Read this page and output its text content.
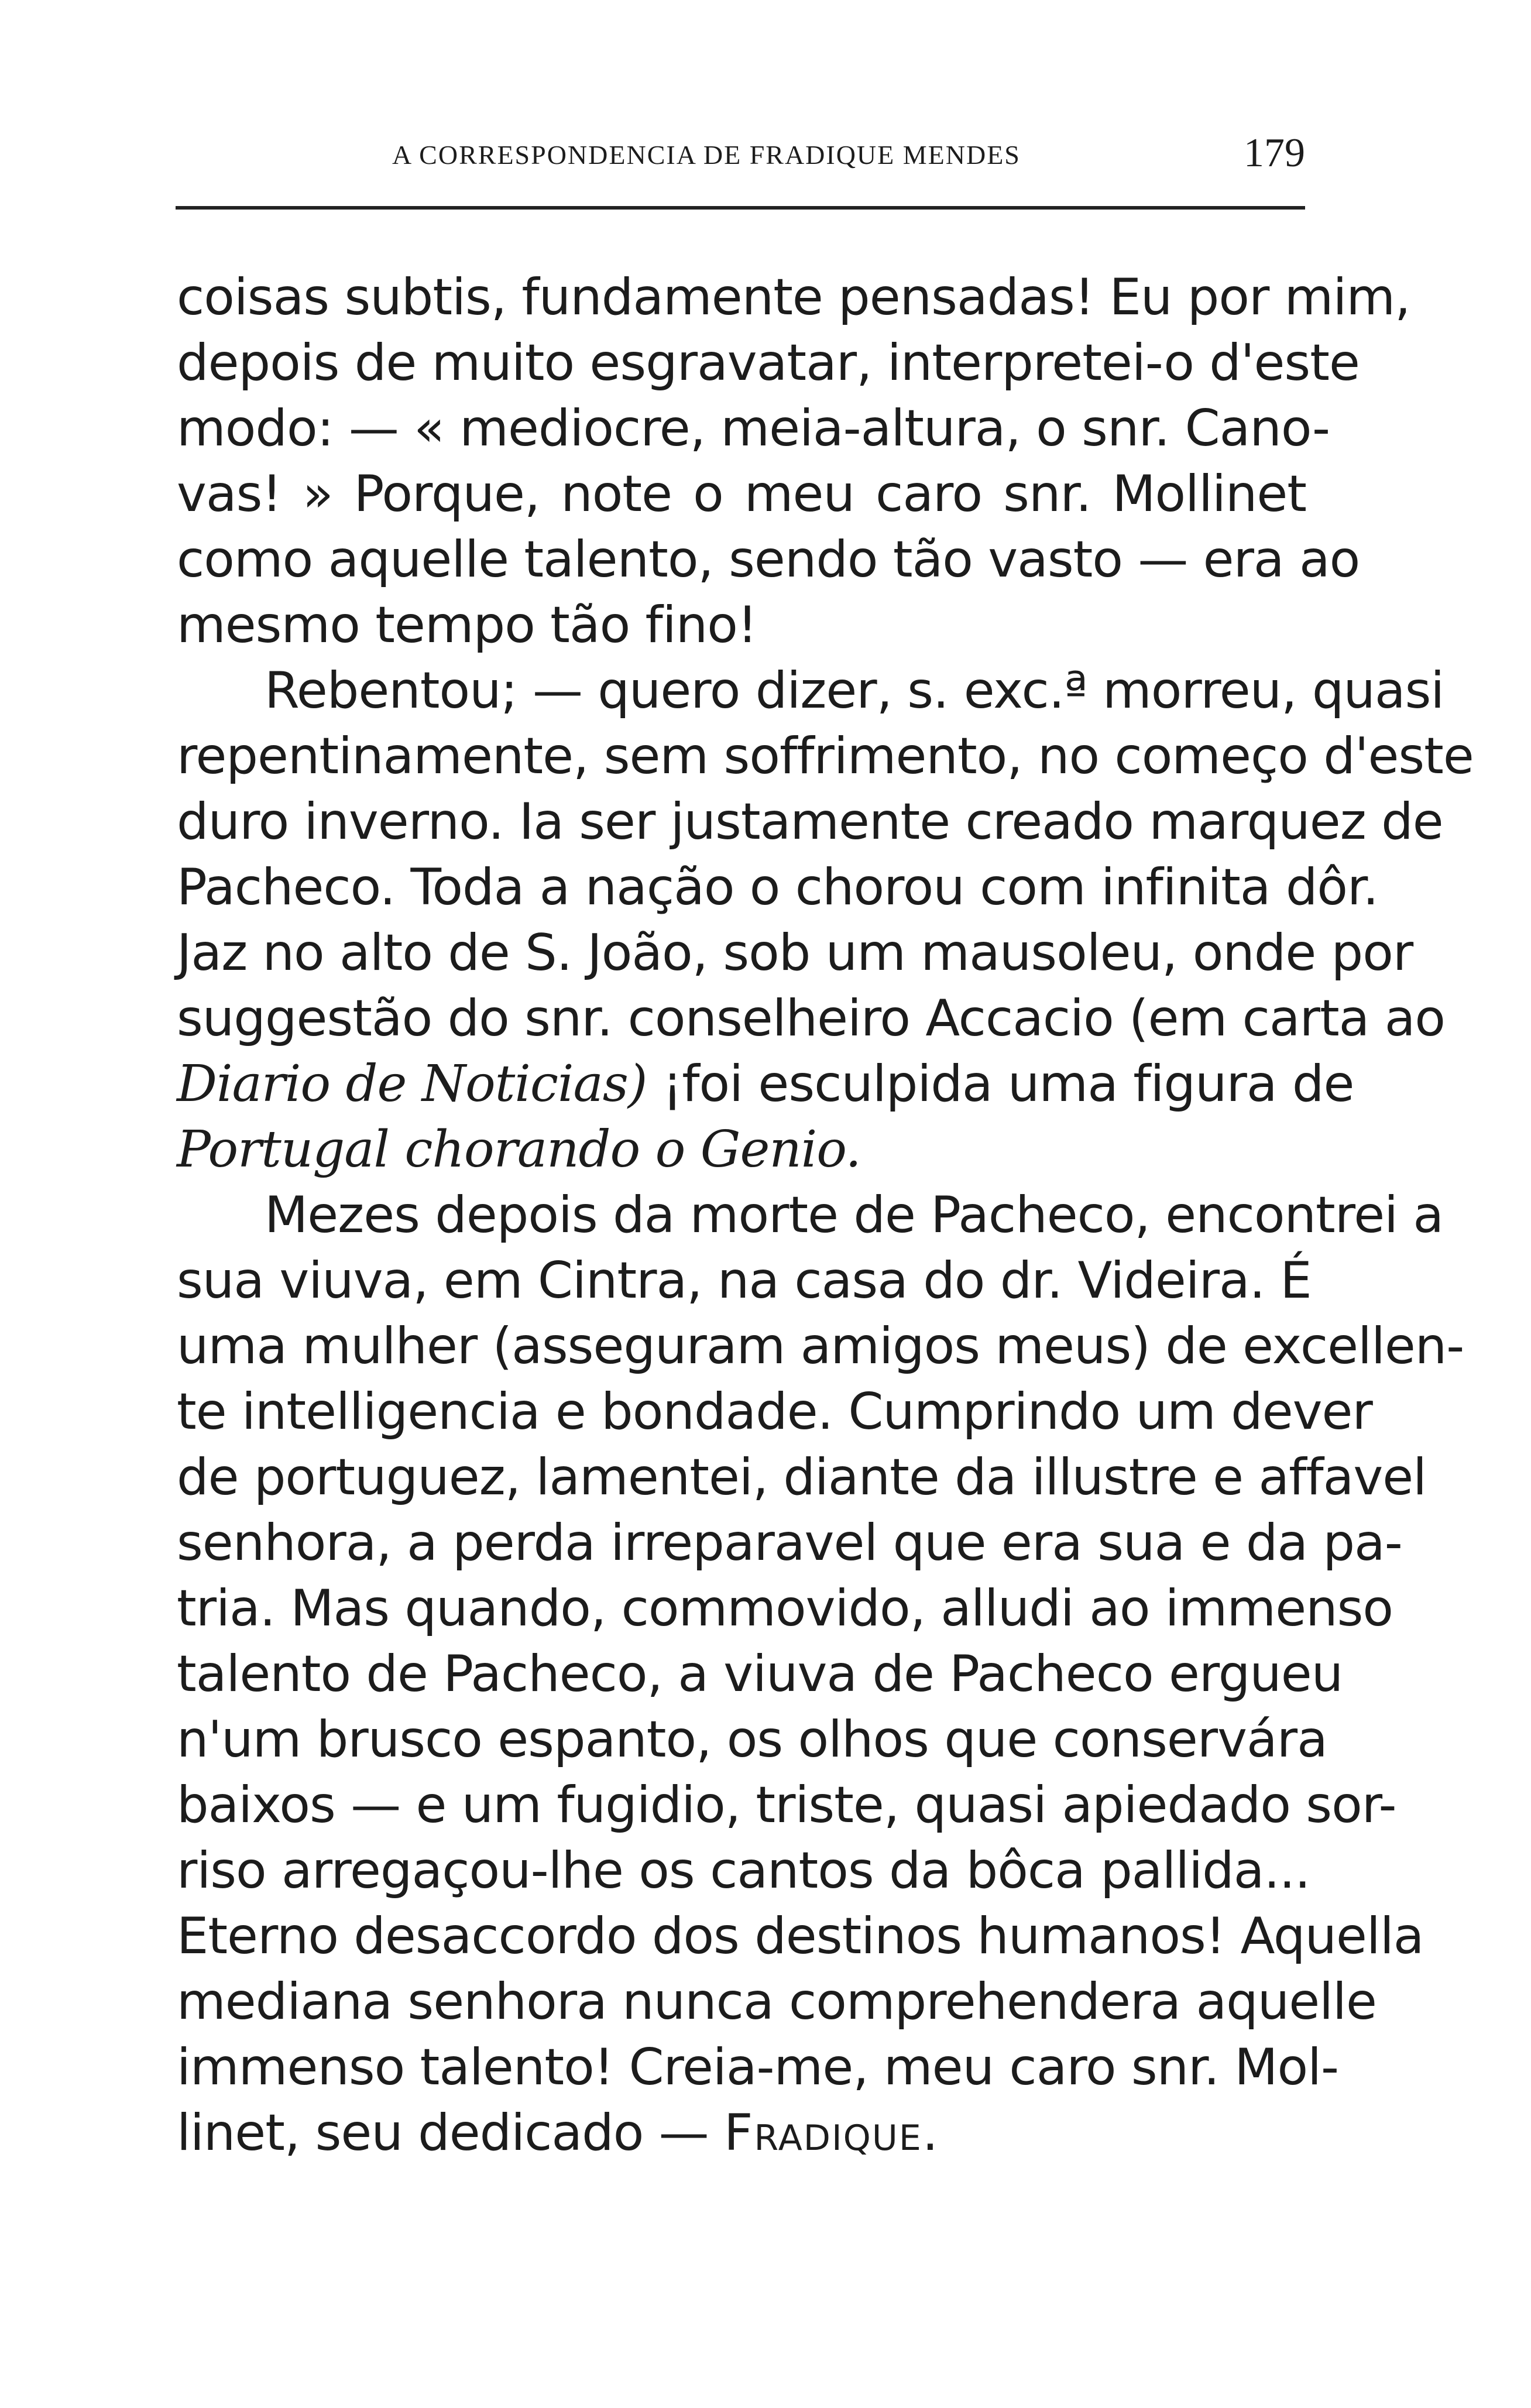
A CORRESPONDENCIA DE FRADIQUE MENDES	179
coisas subtis, fundamente pensadas! Eu por mim,
depois de muito esgravatar, interpretei-o d'este
modo: — « mediocre, meia-altura, o snr. Cano-
vas! » Porque, note o meu caro snr. Mollinet
como aquelle talento, sendo tão vasto — era ao
mesmo tempo tão fino!
Rebentou; — quero dizer, s. exc.ª morreu, quasi
repentinamente, sem soffrimento, no começo d'este
duro inverno. Ia ser justamente creado marquez de
Pacheco. Toda a nação o chorou com infinita dôr.
Jaz no alto de S. João, sob um mausoleu, onde por
suggestão do snr. conselheiro Accacio (em carta ao
Diario de Noticias) ¡foi esculpida uma figura de
Portugal chorando o Genio.
Mezes depois da morte de Pacheco, encontrei a
sua viuva, em Cintra, na casa do dr. Videira. É
uma mulher (asseguram amigos meus) de excellen-
te intelligencia e bondade. Cumprindo um dever
de portuguez, lamentei, diante da illustre e affavel
senhora, a perda irreparavel que era sua e da pa-
tria. Mas quando, commovido, alludi ao immenso
talento de Pacheco, a viuva de Pacheco ergueu
n'um brusco espanto, os olhos que conservára
baixos — e um fugidio, triste, quasi apiedado sor-
riso arregaçou-lhe os cantos da bôca pallida...
Eterno desaccordo dos destinos humanos! Aquella
mediana senhora nunca comprehendera aquelle
immenso talento! Creia-me, meu caro snr. Mol-
linet, seu dedicado — Fradique.
